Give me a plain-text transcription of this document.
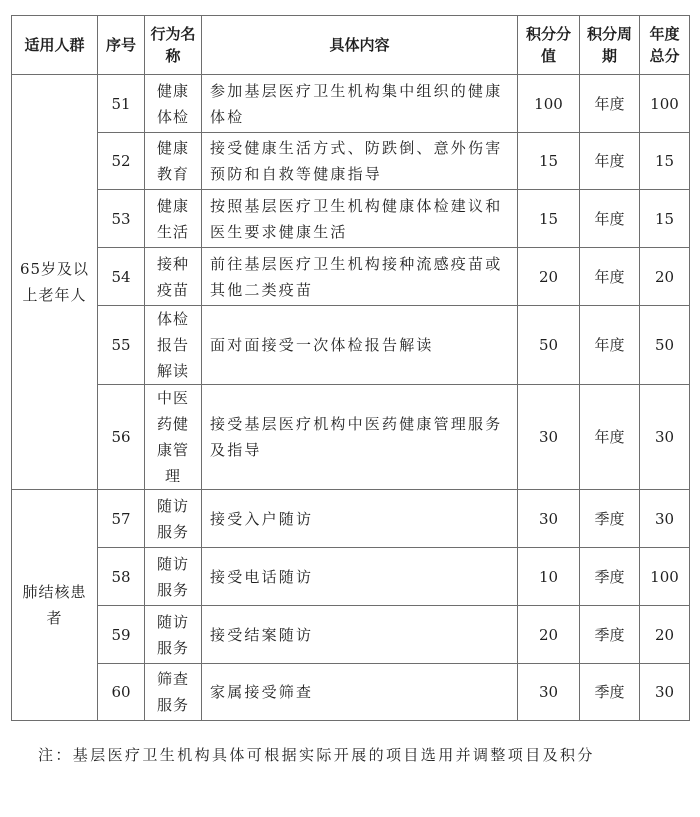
适用人群	序号	行为名称	具体内容	积分分值	积分周期	年度总分
65岁及以上老年人	51	健康体检	参加基层医疗卫生机构集中组织的健康体检	100	年度	100
	52	健康教育	接受健康生活方式、防跌倒、意外伤害预防和自救等健康指导	15	年度	15
	53	健康生活	按照基层医疗卫生机构健康体检建议和医生要求健康生活	15	年度	15
	54	接种疫苗	前往基层医疗卫生机构接种流感疫苗或其他二类疫苗	20	年度	20
	55	体检报告解读	面对面接受一次体检报告解读	50	年度	50
	56	中医药健康管理	接受基层医疗机构中医药健康管理服务及指导	30	年度	30
肺结核患者	57	随访服务	接受入户随访	30	季度	30
	58	随访服务	接受电话随访	10	季度	100
	59	随访服务	接受结案随访	20	季度	20
	60	筛查服务	家属接受筛查	30	季度	30
注：基层医疗卫生机构具体可根据实际开展的项目选用并调整项目及积分
